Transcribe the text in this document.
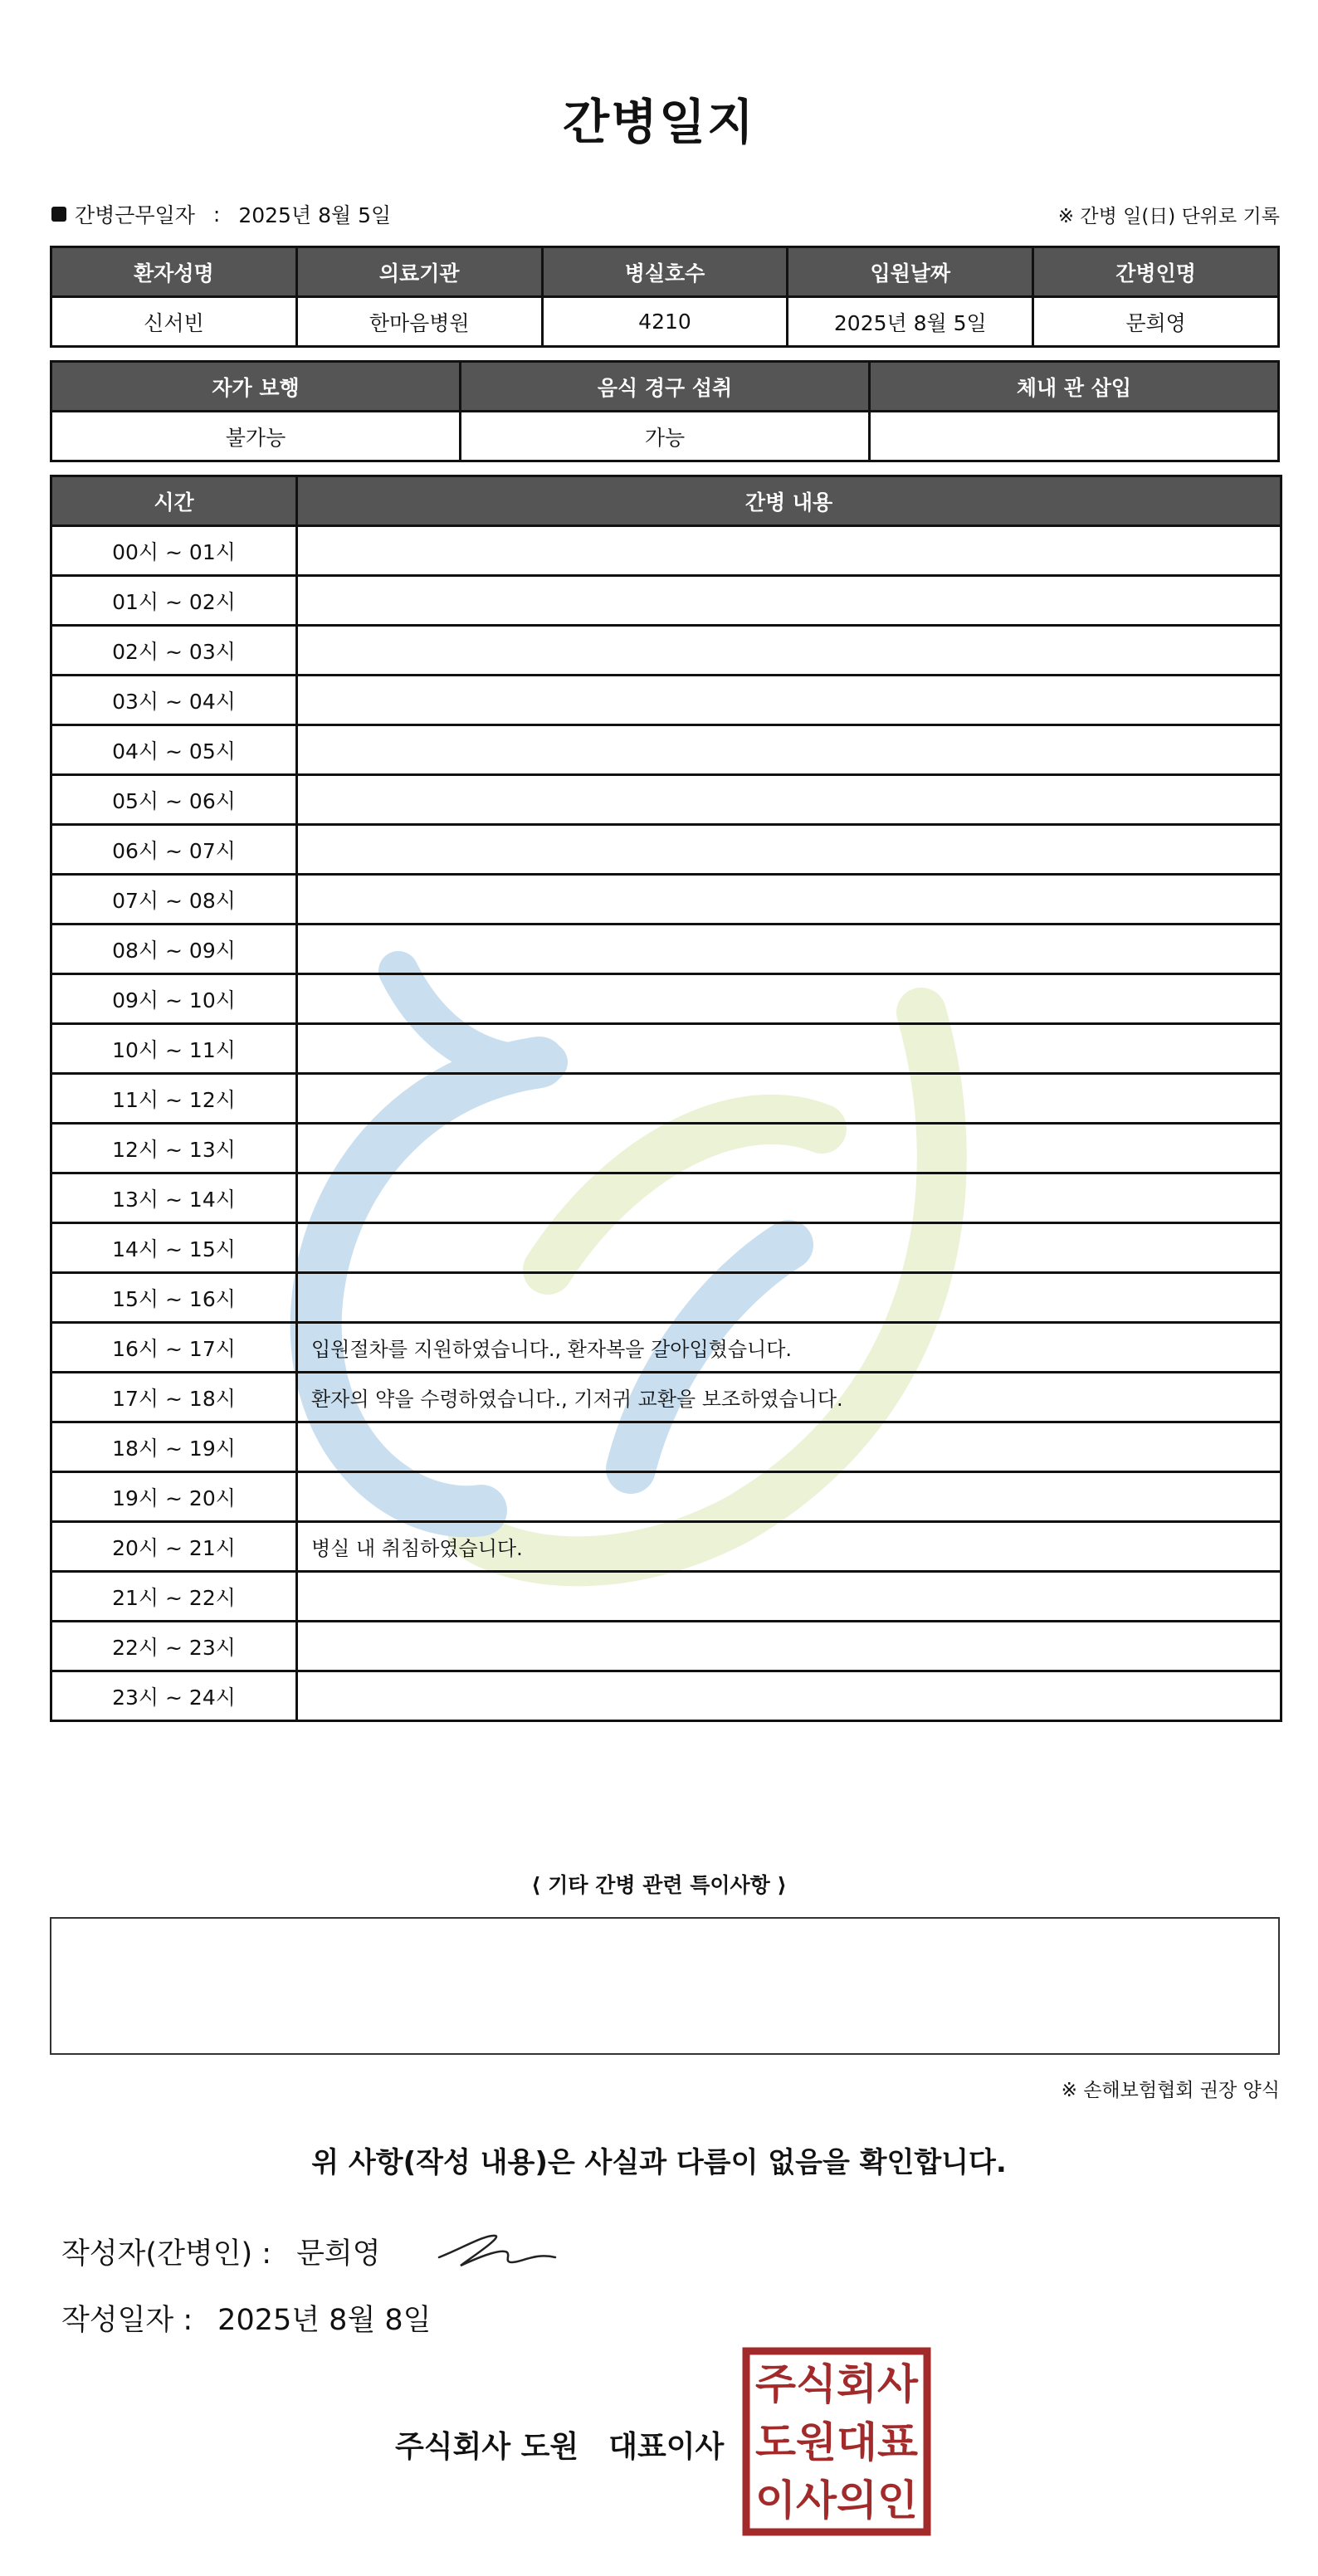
간병일지
간병근무일자 : 2025년 8월 5일	※ 간병 일(日) 단위로 기록
환자성명	의료기관	병실호수	입원날짜	간병인명
신서빈	한마음병원	4210	2025년 8월 5일	문희영
자가 보행	음식 경구 섭취	체내 관 삽입
불가능	가능	
시간	간병 내용
00시 ~ 01시	
01시 ~ 02시	
02시 ~ 03시	
03시 ~ 04시	
04시 ~ 05시	
05시 ~ 06시	
06시 ~ 07시	
07시 ~ 08시	
08시 ~ 09시	
09시 ~ 10시	
10시 ~ 11시	
11시 ~ 12시	
12시 ~ 13시	
13시 ~ 14시	
14시 ~ 15시	
15시 ~ 16시	
16시 ~ 17시	입원절차를 지원하였습니다., 환자복을 갈아입혔습니다.
17시 ~ 18시	환자의 약을 수령하였습니다., 기저귀 교환을 보조하였습니다.
18시 ~ 19시	
19시 ~ 20시	
20시 ~ 21시	병실 내 취침하였습니다.
21시 ~ 22시	
22시 ~ 23시	
23시 ~ 24시	
⟨ 기타 간병 관련 특이사항 ⟩
※ 손해보험협회 권장 양식
위 사항(작성 내용)은 사실과 다름이 없음을 확인합니다.
작성자(간병인) : 문희영
작성일자 : 2025년 8월 8일
주식회사 도원 대표이사
주식회사
도원대표
이사의인
